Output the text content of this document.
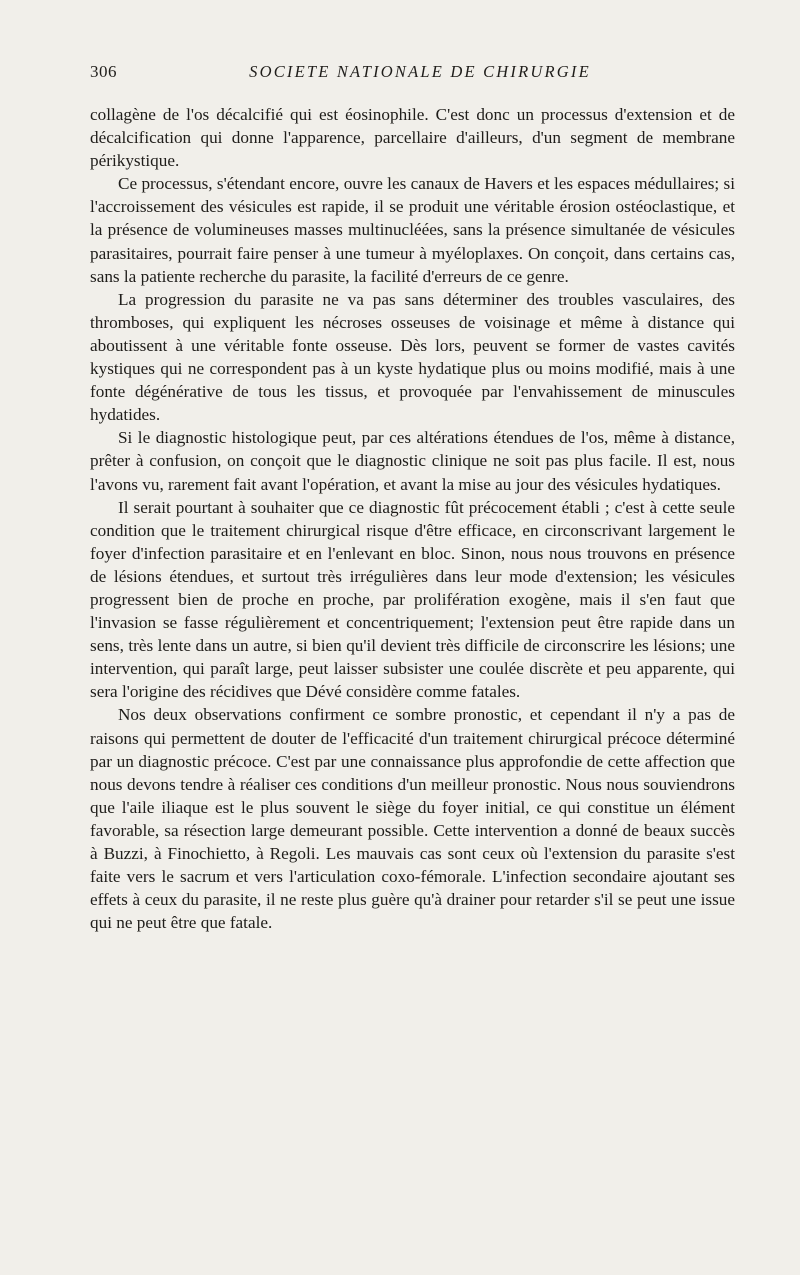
306	SOCIETE NATIONALE DE CHIRURGIE

collagène de l'os décalcifié qui est éosinophile. C'est donc un processus d'extension et de décalcification qui donne l'apparence, parcellaire d'ailleurs, d'un segment de membrane périkystique.

Ce processus, s'étendant encore, ouvre les canaux de Havers et les espaces médullaires; si l'accroissement des vésicules est rapide, il se produit une véritable érosion ostéoclastique, et la présence de volumineuses masses multinucléées, sans la présence simultanée de vésicules parasitaires, pourrait faire penser à une tumeur à myéloplaxes. On conçoit, dans certains cas, sans la patiente recherche du parasite, la facilité d'erreurs de ce genre.

La progression du parasite ne va pas sans déterminer des troubles vasculaires, des thromboses, qui expliquent les nécroses osseuses de voisinage et même à distance qui aboutissent à une véritable fonte osseuse. Dès lors, peuvent se former de vastes cavités kystiques qui ne correspondent pas à un kyste hydatique plus ou moins modifié, mais à une fonte dégénérative de tous les tissus, et provoquée par l'envahissement de minuscules hydatides.

Si le diagnostic histologique peut, par ces altérations étendues de l'os, même à distance, prêter à confusion, on conçoit que le diagnostic clinique ne soit pas plus facile. Il est, nous l'avons vu, rarement fait avant l'opération, et avant la mise au jour des vésicules hydatiques.

Il serait pourtant à souhaiter que ce diagnostic fût précocement établi ; c'est à cette seule condition que le traitement chirurgical risque d'être efficace, en circonscrivant largement le foyer d'infection parasitaire et en l'enlevant en bloc. Sinon, nous nous trouvons en présence de lésions étendues, et surtout très irrégulières dans leur mode d'extension; les vésicules progressent bien de proche en proche, par prolifération exogène, mais il s'en faut que l'invasion se fasse régulièrement et concentriquement; l'extension peut être rapide dans un sens, très lente dans un autre, si bien qu'il devient très difficile de circonscrire les lésions; une intervention, qui paraît large, peut laisser subsister une coulée discrète et peu apparente, qui sera l'origine des récidives que Dévé considère comme fatales.

Nos deux observations confirment ce sombre pronostic, et cependant il n'y a pas de raisons qui permettent de douter de l'efficacité d'un traitement chirurgical précoce déterminé par un diagnostic précoce. C'est par une connaissance plus approfondie de cette affection que nous devons tendre à réaliser ces conditions d'un meilleur pronostic. Nous nous souviendrons que l'aile iliaque est le plus souvent le siège du foyer initial, ce qui constitue un élément favorable, sa résection large demeurant possible. Cette intervention a donné de beaux succès à Buzzi, à Finochietto, à Regoli. Les mauvais cas sont ceux où l'extension du parasite s'est faite vers le sacrum et vers l'articulation coxo-fémorale. L'infection secondaire ajoutant ses effets à ceux du parasite, il ne reste plus guère qu'à drainer pour retarder s'il se peut une issue qui ne peut être que fatale.
